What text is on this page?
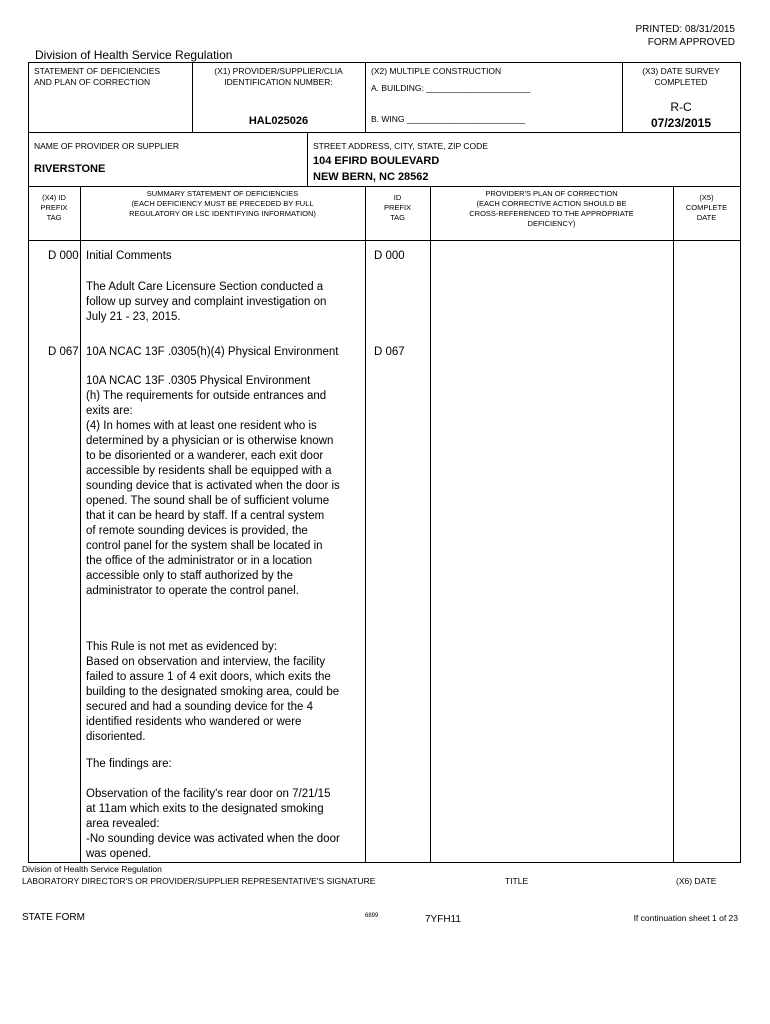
PRINTED: 08/31/2015
FORM APPROVED
Division of Health Service Regulation
STATEMENT OF DEFICIENCIES
AND PLAN OF CORRECTION
(X1) PROVIDER/SUPPLIER/CLIA
IDENTIFICATION NUMBER:
HAL025026
(X2) MULTIPLE CONSTRUCTION
A. BUILDING: ______________________
B. WING _________________________
(X3) DATE SURVEY
COMPLETED
R-C
07/23/2015
NAME OF PROVIDER OR SUPPLIER
RIVERSTONE
STREET ADDRESS, CITY, STATE, ZIP CODE
104 EFIRD BOULEVARD
NEW BERN, NC 28562
(X4) ID
PREFIX
TAG
SUMMARY STATEMENT OF DEFICIENCIES
(EACH DEFICIENCY MUST BE PRECEDED BY FULL
REGULATORY OR LSC IDENTIFYING INFORMATION)
ID
PREFIX
TAG
PROVIDER'S PLAN OF CORRECTION
(EACH CORRECTIVE ACTION SHOULD BE
CROSS-REFERENCED TO THE APPROPRIATE
DEFICIENCY)
(X5)
COMPLETE
DATE
D 000 Initial Comments	D 000
The Adult Care Licensure Section conducted a
follow up survey and complaint investigation on
July 21 - 23, 2015.
D 067 10A NCAC 13F .0305(h)(4) Physical Environment	D 067
10A NCAC 13F .0305 Physical Environment
(h) The requirements for outside entrances and
exits are:
(4) In homes with at least one resident who is
determined by a physician or is otherwise known
to be disoriented or a wanderer, each exit door
accessible by residents shall be equipped with a
sounding device that is activated when the door is
opened. The sound shall be of sufficient volume
that it can be heard by staff. If a central system
of remote sounding devices is provided, the
control panel for the system shall be located in
the office of the administrator or in a location
accessible only to staff authorized by the
administrator to operate the control panel.
This Rule is not met as evidenced by:
Based on observation and interview, the facility
failed to assure 1 of 4 exit doors, which exits the
building to the designated smoking area, could be
secured and had a sounding device for the 4
identified residents who wandered or were
disoriented.
The findings are:
Observation of the facility's rear door on 7/21/15
at 11am which exits to the designated smoking
area revealed:
-No sounding device was activated when the door
was opened.
Division of Health Service Regulation
LABORATORY DIRECTOR'S OR PROVIDER/SUPPLIER REPRESENTATIVE'S SIGNATURE	TITLE	(X6) DATE
STATE FORM	6899	7YFH11	If continuation sheet 1 of 23
